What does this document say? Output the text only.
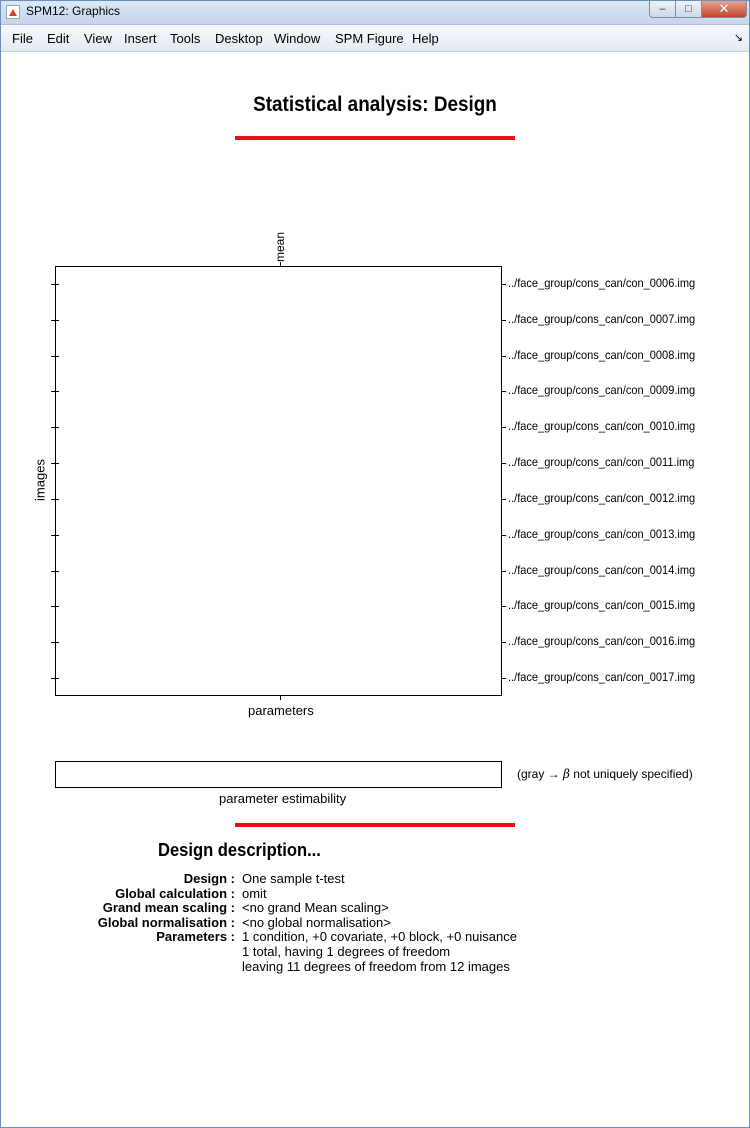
SPM12: Graphics	–	□	✕
File Edit View Insert Tools Desktop Window SPM Figure Help	↘
Statistical analysis: Design
mean
images
parameters
../face_group/cons_can/con_0006.img
../face_group/cons_can/con_0007.img
../face_group/cons_can/con_0008.img
../face_group/cons_can/con_0009.img
../face_group/cons_can/con_0010.img
../face_group/cons_can/con_0011.img
../face_group/cons_can/con_0012.img
../face_group/cons_can/con_0013.img
../face_group/cons_can/con_0014.img
../face_group/cons_can/con_0015.img
../face_group/cons_can/con_0016.img
../face_group/cons_can/con_0017.img
(gray → β not uniquely specified)
parameter estimability
Design description...
Design : One sample t-test
Global calculation : omit
Grand mean scaling : <no grand Mean scaling>
Global normalisation : <no global normalisation>
Parameters : 1 condition, +0 covariate, +0 block, +0 nuisance
1 total, having 1 degrees of freedom
leaving 11 degrees of freedom from 12 images
